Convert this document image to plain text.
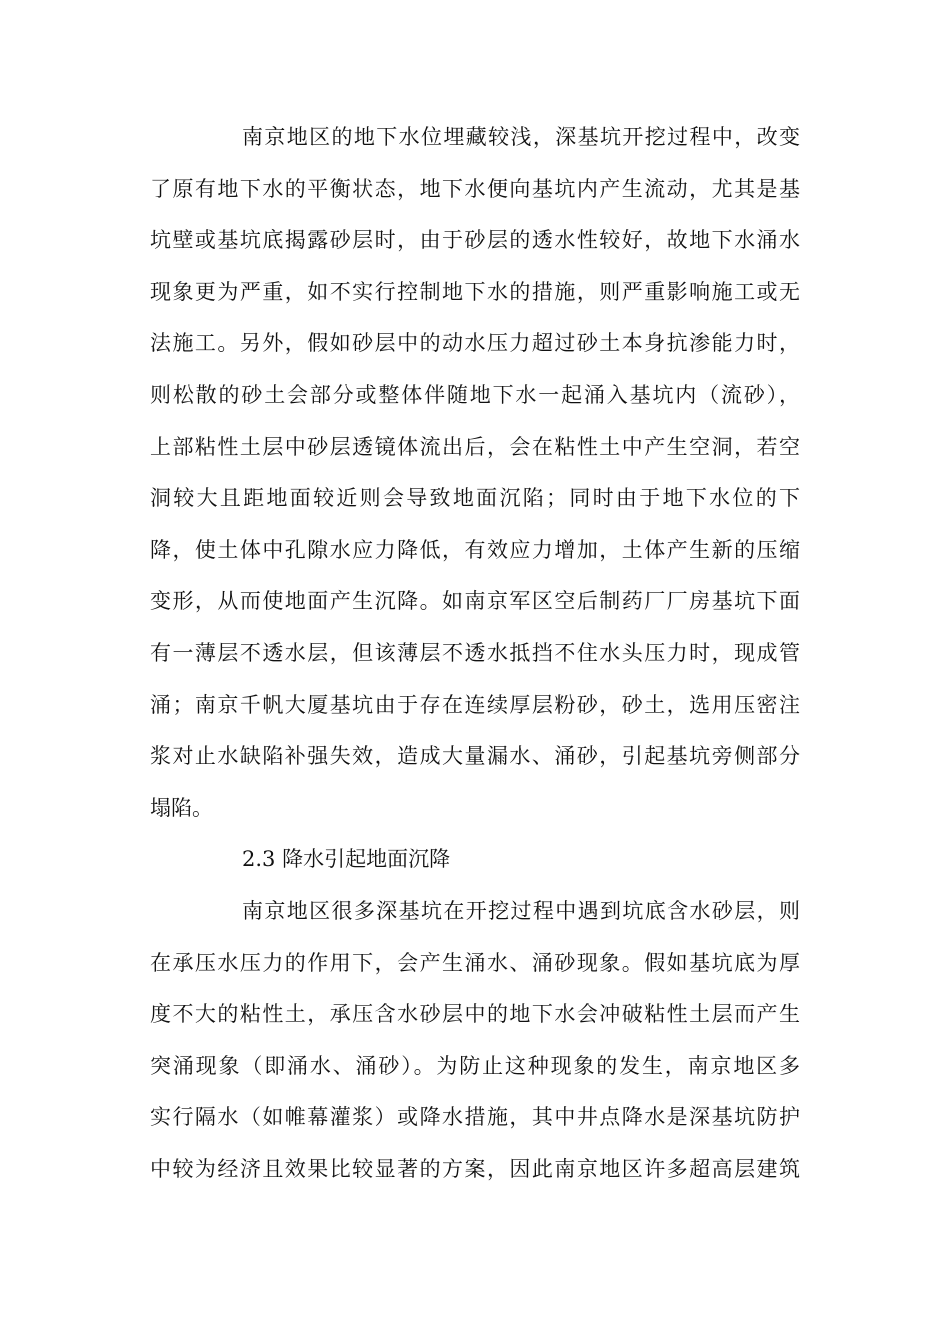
南京地区的地下水位埋藏较浅，深基坑开挖过程中，改变
了原有地下水的平衡状态，地下水便向基坑内产生流动，尤其是基
坑壁或基坑底揭露砂层时，由于砂层的透水性较好，故地下水涌水
现象更为严重，如不实行控制地下水的措施，则严重影响施工或无
法施工。另外，假如砂层中的动水压力超过砂土本身抗渗能力时，
则松散的砂土会部分或整体伴随地下水一起涌入基坑内（流砂），
上部粘性土层中砂层透镜体流出后，会在粘性土中产生空洞，若空
洞较大且距地面较近则会导致地面沉陷；同时由于地下水位的下
降，使土体中孔隙水应力降低，有效应力增加，土体产生新的压缩
变形，从而使地面产生沉降。如南京军区空后制药厂厂房基坑下面
有一薄层不透水层，但该薄层不透水抵挡不住水头压力时，现成管
涌；南京千帆大厦基坑由于存在连续厚层粉砂，砂土，选用压密注
浆对止水缺陷补强失效，造成大量漏水、涌砂，引起基坑旁侧部分
塌陷。
2.3 降水引起地面沉降
南京地区很多深基坑在开挖过程中遇到坑底含水砂层，则
在承压水压力的作用下，会产生涌水、涌砂现象。假如基坑底为厚
度不大的粘性土，承压含水砂层中的地下水会冲破粘性土层而产生
突涌现象（即涌水、涌砂）。为防止这种现象的发生，南京地区多
实行隔水（如帷幕灌浆）或降水措施，其中井点降水是深基坑防护
中较为经济且效果比较显著的方案，因此南京地区许多超高层建筑
